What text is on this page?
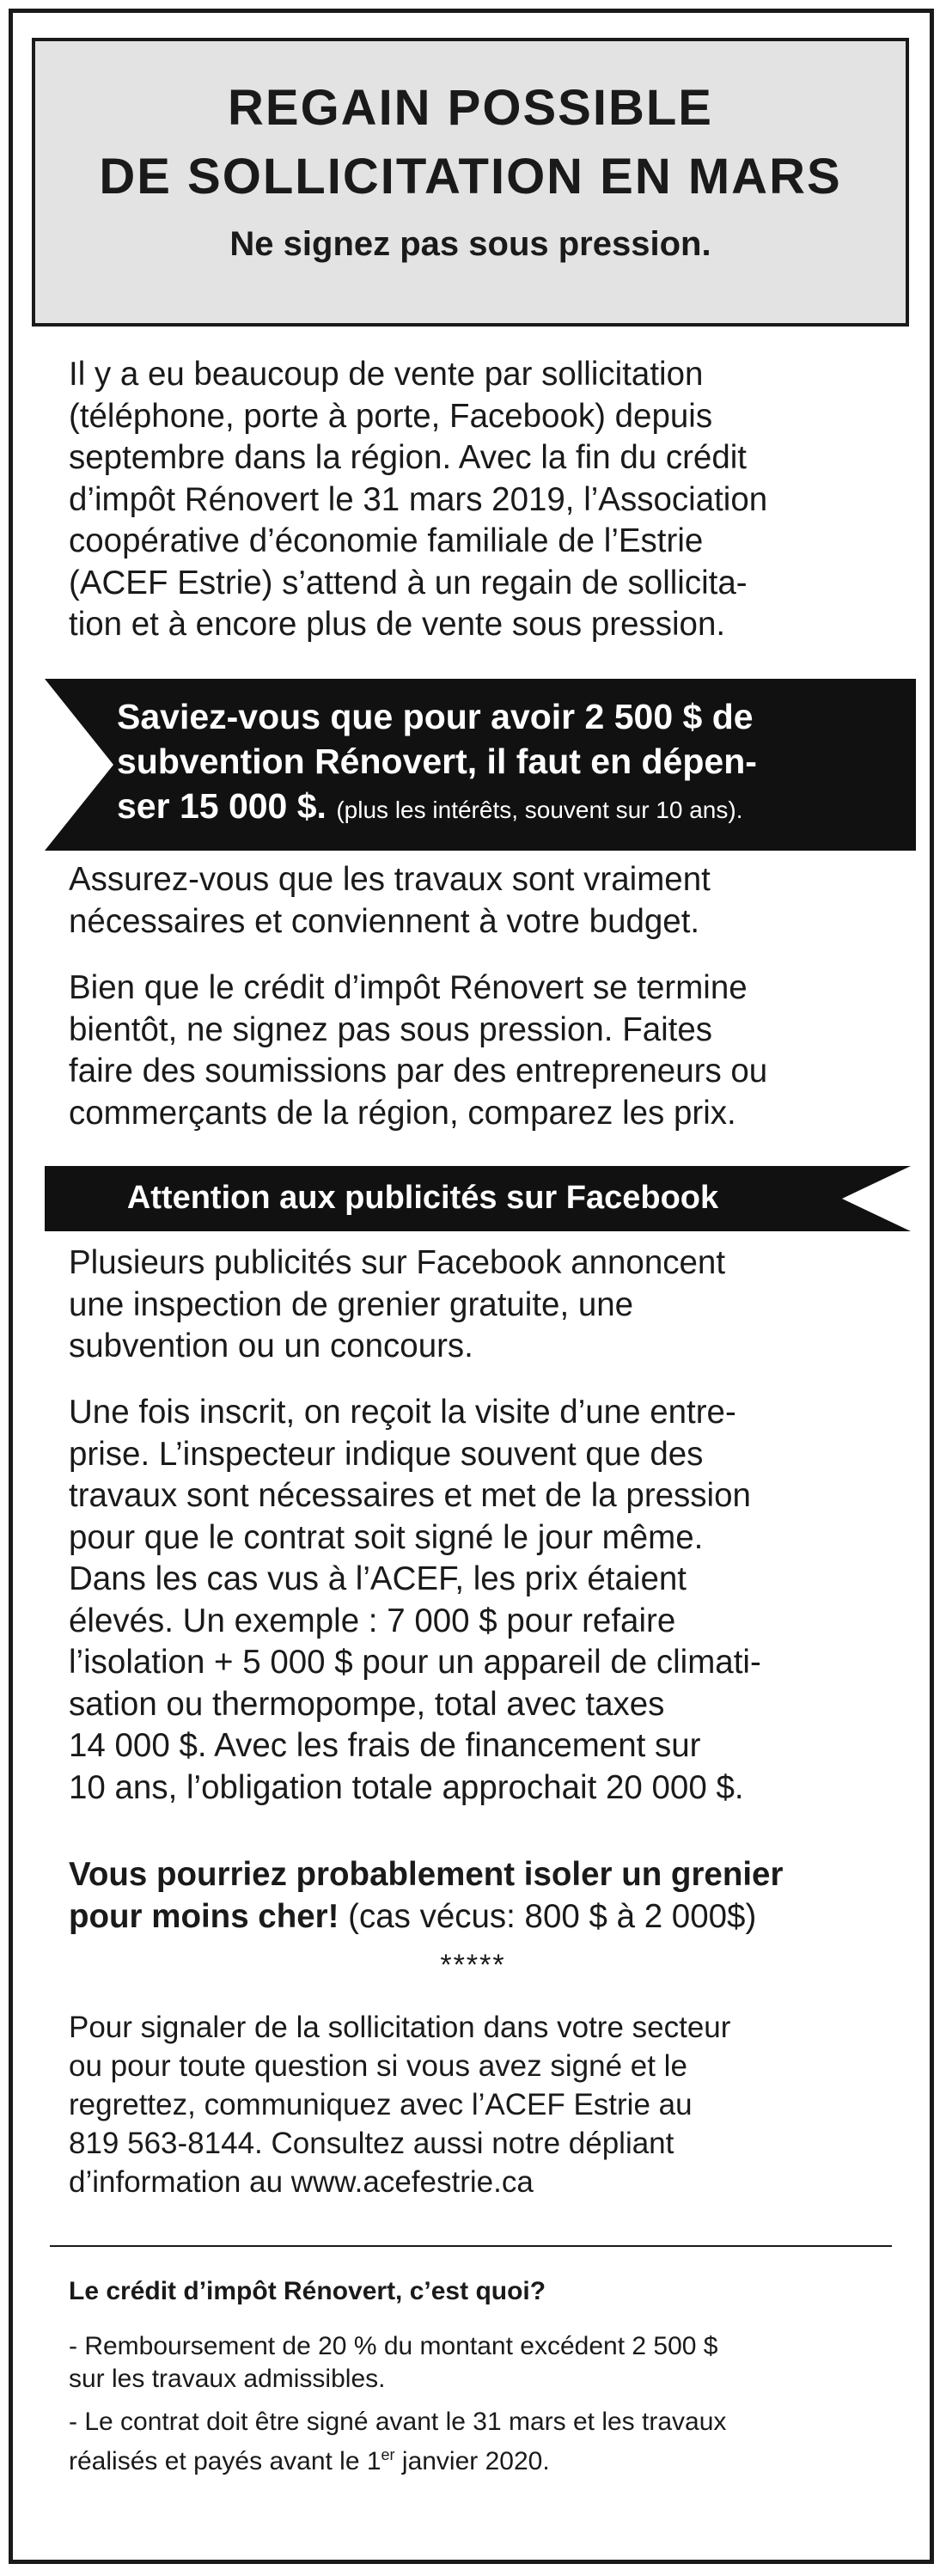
REGAIN POSSIBLE
DE SOLLICITATION EN MARS
Ne signez pas sous pression.

Il y a eu beaucoup de vente par sollicitation
(téléphone, porte à porte, Facebook) depuis
septembre dans la région. Avec la fin du crédit
d’impôt Rénovert le 31 mars 2019, l’Association
coopérative d’économie familiale de l’Estrie
(ACEF Estrie) s’attend à un regain de sollicita-
tion et à encore plus de vente sous pression.

Saviez-vous que pour avoir 2 500 $ de
subvention Rénovert, il faut en dépen-
ser 15 000 $. (plus les intérêts, souvent sur 10 ans).

Assurez-vous que les travaux sont vraiment
nécessaires et conviennent à votre budget.

Bien que le crédit d’impôt Rénovert se termine
bientôt, ne signez pas sous pression. Faites
faire des soumissions par des entrepreneurs ou
commerçants de la région, comparez les prix.

Attention aux publicités sur Facebook

Plusieurs publicités sur Facebook annoncent
une inspection de grenier gratuite, une
subvention ou un concours.

Une fois inscrit, on reçoit la visite d’une entre-
prise. L’inspecteur indique souvent que des
travaux sont nécessaires et met de la pression
pour que le contrat soit signé le jour même.
Dans les cas vus à l’ACEF, les prix étaient
élevés. Un exemple : 7 000 $ pour refaire
l’isolation + 5 000 $ pour un appareil de climati-
sation ou thermopompe, total avec taxes
14 000 $. Avec les frais de financement sur
10 ans, l’obligation totale approchait 20 000 $.

Vous pourriez probablement isoler un grenier
pour moins cher! (cas vécus: 800 $ à 2 000$)

*****

Pour signaler de la sollicitation dans votre secteur
ou pour toute question si vous avez signé et le
regrettez, communiquez avec l’ACEF Estrie au
819 563-8144. Consultez aussi notre dépliant
d’information au www.acefestrie.ca

Le crédit d’impôt Rénovert, c’est quoi?

- Remboursement de 20 % du montant excédent 2 500 $
sur les travaux admissibles.

- Le contrat doit être signé avant le 31 mars et les travaux
réalisés et payés avant le 1er janvier 2020.
